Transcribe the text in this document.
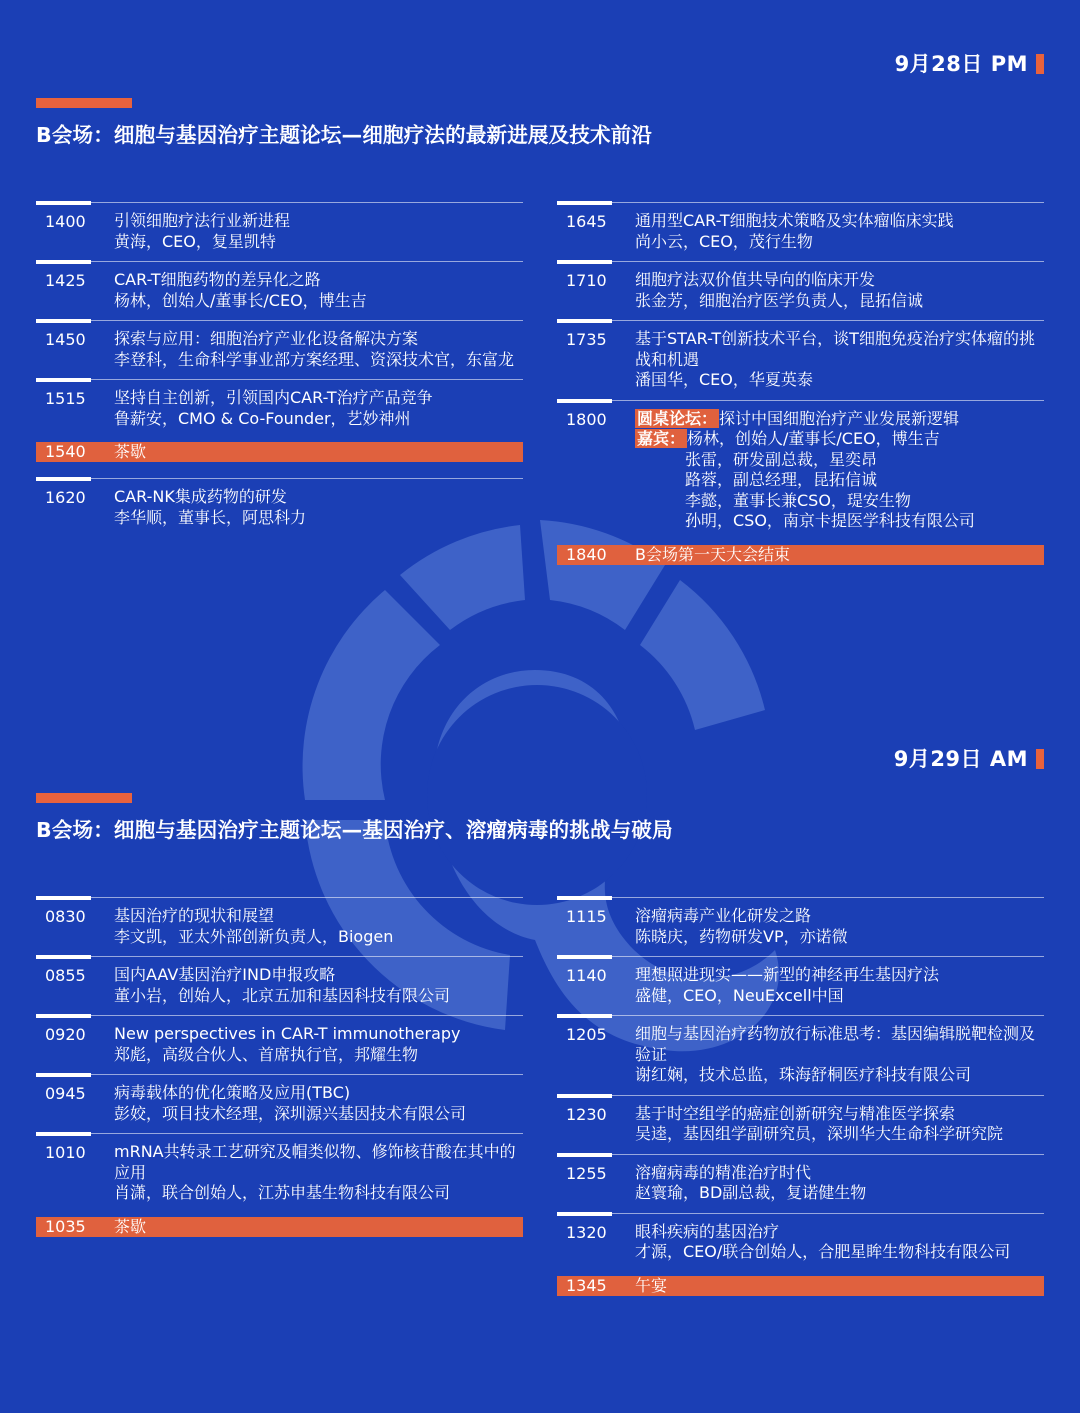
9月28日 PM
B会场：细胞与基因治疗主题论坛—细胞疗法的最新进展及技术前沿
1400 引领细胞疗法行业新进程
黄海，CEO，复星凯特
1425 CAR-T细胞药物的差异化之路
杨林，创始人/董事长/CEO，博生吉
1450 探索与应用：细胞治疗产业化设备解决方案
李登科，生命科学事业部方案经理、资深技术官，东富龙
1515 坚持自主创新，引领国内CAR-T治疗产品竞争
鲁薪安，CMO & Co-Founder，艺妙神州
1540 茶歇
1620 CAR-NK集成药物的研发
李华顺，董事长，阿思科力
1645 通用型CAR-T细胞技术策略及实体瘤临床实践
尚小云，CEO，茂行生物
1710 细胞疗法双价值共导向的临床开发
张金芳，细胞治疗医学负责人，昆拓信诚
1735 基于STAR-T创新技术平台，谈T细胞免疫治疗实体瘤的挑战和机遇
潘国华，CEO，华夏英泰
1800 圆桌论坛： 探讨中国细胞治疗产业发展新逻辑
嘉宾： 杨林，创始人/董事长/CEO，博生吉
张雷，研发副总裁，星奕昂
路蓉，副总经理，昆拓信诚
李懿，董事长兼CSO，瑅安生物
孙明，CSO，南京卡提医学科技有限公司
1840 B会场第一天大会结束
9月29日 AM
B会场：细胞与基因治疗主题论坛—基因治疗、溶瘤病毒的挑战与破局
0830 基因治疗的现状和展望
李文凯，亚太外部创新负责人，Biogen
0855 国内AAV基因治疗IND申报攻略
董小岩，创始人，北京五加和基因科技有限公司
0920 New perspectives in CAR-T immunotherapy
郑彪，高级合伙人、首席执行官，邦耀生物
0945 病毒载体的优化策略及应用(TBC)
彭姣，项目技术经理，深圳源兴基因技术有限公司
1010 mRNA共转录工艺研究及帽类似物、修饰核苷酸在其中的应用
肖潇，联合创始人，江苏申基生物科技有限公司
1035 茶歇
1115 溶瘤病毒产业化研发之路
陈晓庆，药物研发VP，亦诺微
1140 理想照进现实——新型的神经再生基因疗法
盛健，CEO，NeuExcell中国
1205 细胞与基因治疗药物放行标准思考：基因编辑脱靶检测及验证
谢红娴，技术总监，珠海舒桐医疗科技有限公司
1230 基于时空组学的癌症创新研究与精准医学探索
吴逵，基因组学副研究员，深圳华大生命科学研究院
1255 溶瘤病毒的精准治疗时代
赵寰瑜，BD副总裁，复诺健生物
1320 眼科疾病的基因治疗
才源，CEO/联合创始人，合肥星眸生物科技有限公司
1345 午宴
